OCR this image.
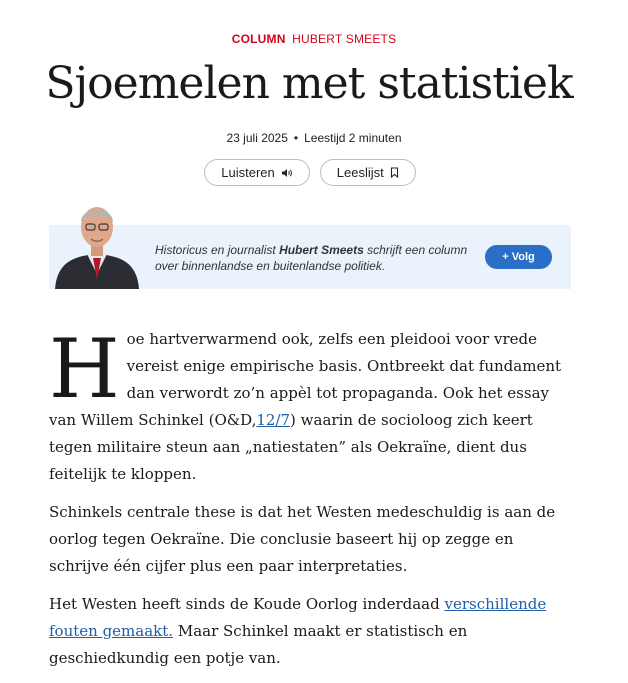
COLUMN HUBERT SMEETS
Sjoemelen met statistiek
23 juli 2025 • Leestijd 2 minuten
Luisteren	Leeslijst

Historicus en journalist Hubert Smeets schrijft een column over binnenlandse en buitenlandse politiek.

+ Volg

Hoe hartverwarmend ook, zelfs een pleidooi voor vrede vereist enige empirische basis. Ontbreekt dat fundament dan verwordt zo’n appèl tot propaganda. Ook het essay van Willem Schinkel (O&D,12/7) waarin de socioloog zich keert tegen militaire steun aan „natiestaten” als Oekraïne, dient dus feitelijk te kloppen.

Schinkels centrale these is dat het Westen medeschuldig is aan de oorlog tegen Oekraïne. Die conclusie baseert hij op zegge en schrijve één cijfer plus een paar interpretaties.

Het Westen heeft sinds de Koude Oorlog inderdaad verschillende fouten gemaakt. Maar Schinkel maakt er statistisch en geschiedkundig een potje van.
